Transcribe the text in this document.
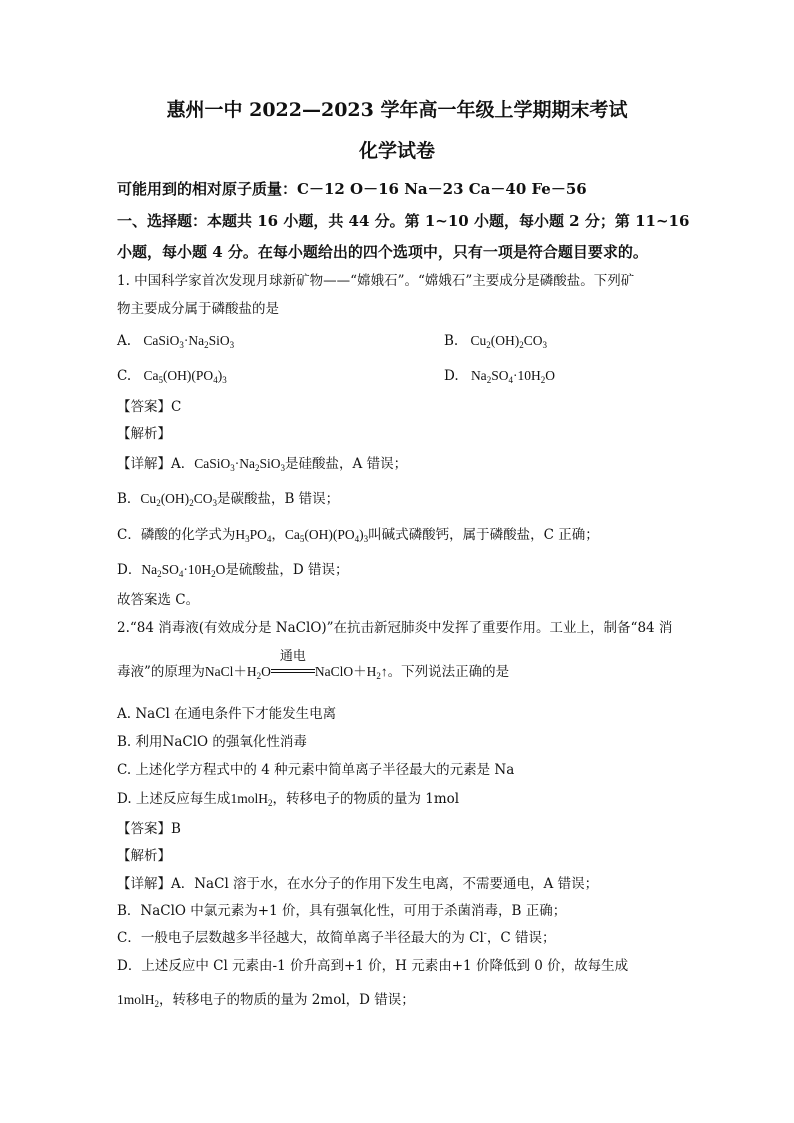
惠州一中 2022—2023 学年高一年级上学期期末考试
化学试卷
可能用到的相对原子质量：C－12 O－16 Na－23 Ca－40 Fe－56
一、选择题：本题共 16 小题，共 44 分。第 1~10 小题，每小题 2 分；第 11~16
小题，每小题 4 分。在每小题给出的四个选项中，只有一项是符合题目要求的。
1. 中国科学家首次发现月球新矿物——“嫦娥石”。“嫦娥石”主要成分是磷酸盐。下列矿
物主要成分属于磷酸盐的是
A. $CaSiO_3\cdot Na_2SiO_3$	B. $Cu_2(OH)_2CO_3$
C. $Ca_5(OH)(PO_4)_3$	D. $Na_2SO_4\cdot 10H_2O$
【答案】C
【解析】
【详解】A．$CaSiO_3\cdot Na_2SiO_3$是硅酸盐，A 错误；
B．$Cu_2(OH)_2CO_3$是碳酸盐，B 错误；
C．磷酸的化学式为$H_3PO_4$，$Ca_5(OH)(PO_4)_3$叫碱式磷酸钙，属于磷酸盐，C 正确；
D．$Na_2SO_4\cdot 10H_2O$是硫酸盐，D 错误；
故答案选 C。
2.“84 消毒液(有效成分是 NaClO)”在抗击新冠肺炎中发挥了重要作用。工业上，制备“84 消
毒液”的原理为$NaCl+H_2O$
通电
$NaClO+H_2↑$。下列说法正确的是
A. NaCl 在通电条件下才能发生电离
B. 利用NaClO 的强氧化性消毒
C. 上述化学方程式中的 4 种元素中简单离子半径最大的元素是 Na
D. 上述反应每生成1molH$_2$，转移电子的物质的量为 1mol
【答案】B
【解析】
【详解】A．NaCl 溶于水，在水分子的作用下发生电离，不需要通电，A 错误；
B．NaClO 中氯元素为+1 价，具有强氧化性，可用于杀菌消毒，B 正确；
C．一般电子层数越多半径越大，故简单离子半径最大的为 Cl-，C 错误；
D．上述反应中 Cl 元素由-1 价升高到+1 价，H 元素由+1 价降低到 0 价，故每生成
1molH$_2$，转移电子的物质的量为 2mol，D 错误；
